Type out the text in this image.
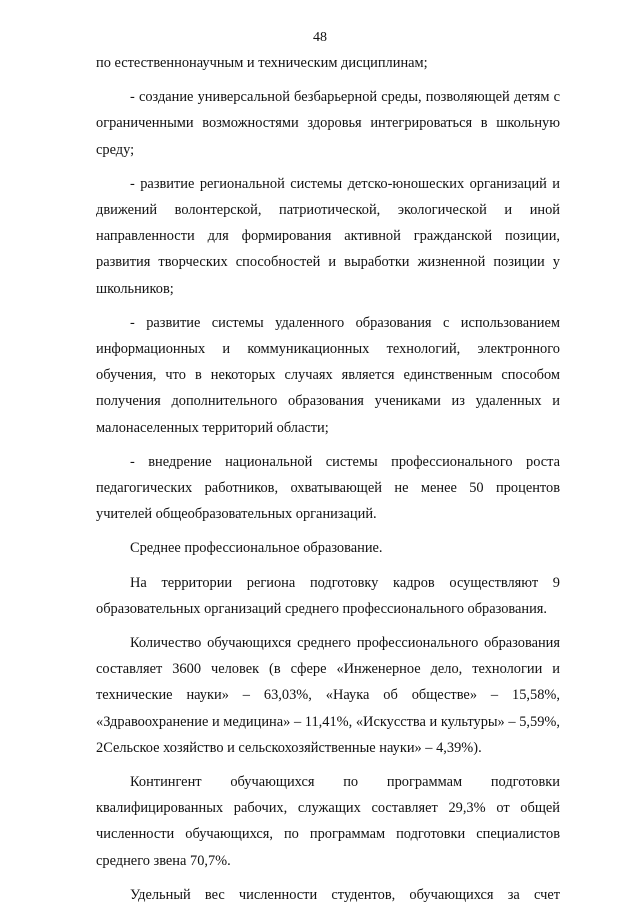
48

по естественнонаучным и техническим дисциплинам;

- создание универсальной безбарьерной среды, позволяющей детям с ограниченными возможностями здоровья интегрироваться в школьную среду;

- развитие региональной системы детско-юношеских организаций и движений волонтерской, патриотической, экологической и иной направленности для формирования активной гражданской позиции, развития творческих способностей и выработки жизненной позиции у школьников;

- развитие системы удаленного образования с использованием информационных и коммуникационных технологий, электронного обучения, что в некоторых случаях является единственным способом получения дополнительного образования учениками из удаленных и малонаселенных территорий области;

- внедрение национальной системы профессионального роста педагогических работников, охватывающей не менее 50 процентов учителей общеобразовательных организаций.

Среднее профессиональное образование.

На территории региона подготовку кадров осуществляют 9 образовательных организаций среднего профессионального образования.

Количество обучающихся среднего профессионального образования составляет 3600 человек (в сфере «Инженерное дело, технологии и технические науки» – 63,03%, «Наука об обществе» – 15,58%, «Здравоохранение и медицина» – 11,41%, «Искусства и культуры» – 5,59%, 2Сельское хозяйство и сельскохозяйственные науки» – 4,39%).

Контингент обучающихся по программам подготовки квалифицированных рабочих, служащих составляет 29,3% от общей численности обучающихся, по программам подготовки специалистов среднего звена 70,7%.

Удельный вес численности студентов, обучающихся за счет
